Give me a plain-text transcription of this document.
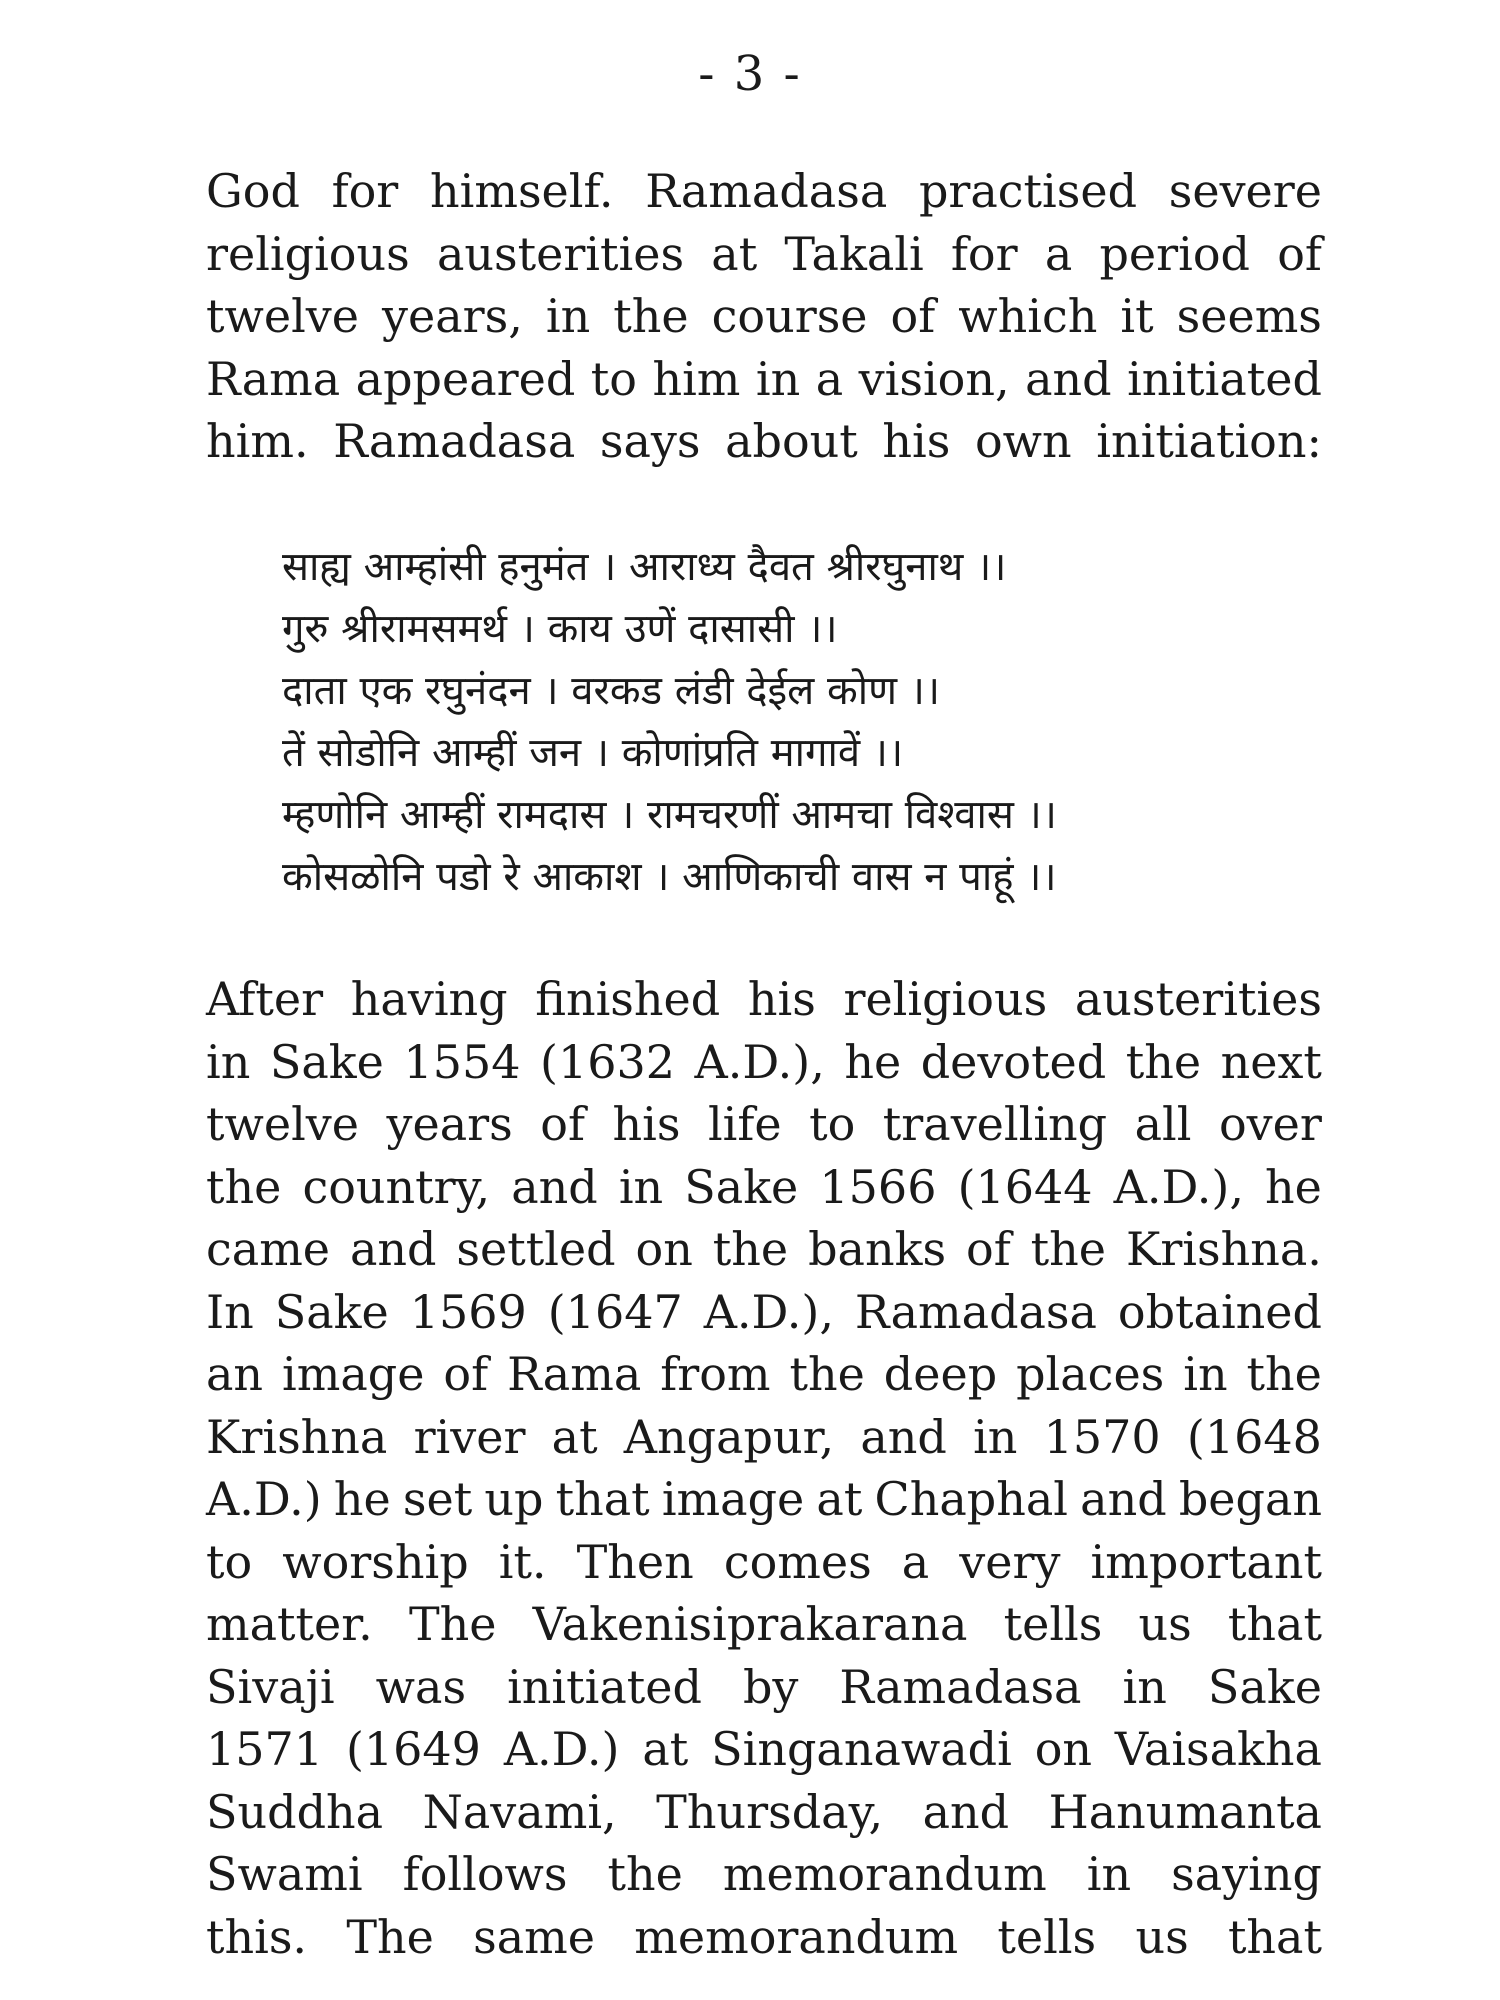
- 3 -
God for himself. Ramadasa practised severe
religious austerities at Takali for a period of
twelve years, in the course of which it seems
Rama appeared to him in a vision, and initiated
him. Ramadasa says about his own initiation:
साह्य आम्हांसी हनुमंत । आराध्य दैवत श्रीरघुनाथ ।।
गुरु श्रीरामसमर्थ । काय उणें दासासी ।।
दाता एक रघुनंदन । वरकड लंडी देईल कोण ।।
तें सोडोनि आम्हीं जन । कोणांप्रति मागावें ।।
म्हणोनि आम्हीं रामदास । रामचरणीं आमचा विश्वास ।।
कोसळोनि पडो रे आकाश । आणिकाची वास न पाहूं ।।
After having finished his religious austerities
in Sake 1554 (1632 A.D.), he devoted the next
twelve years of his life to travelling all over
the country, and in Sake 1566 (1644 A.D.), he
came and settled on the banks of the Krishna.
In Sake 1569 (1647 A.D.), Ramadasa obtained
an image of Rama from the deep places in the
Krishna river at Angapur, and in 1570 (1648
A.D.) he set up that image at Chaphal and began
to worship it. Then comes a very important
matter. The Vakenisiprakarana tells us that
Sivaji was initiated by Ramadasa in Sake
1571 (1649 A.D.) at Singanawadi on Vaisakha
Suddha Navami, Thursday, and Hanumanta
Swami follows the memorandum in saying
this. The same memorandum tells us that
